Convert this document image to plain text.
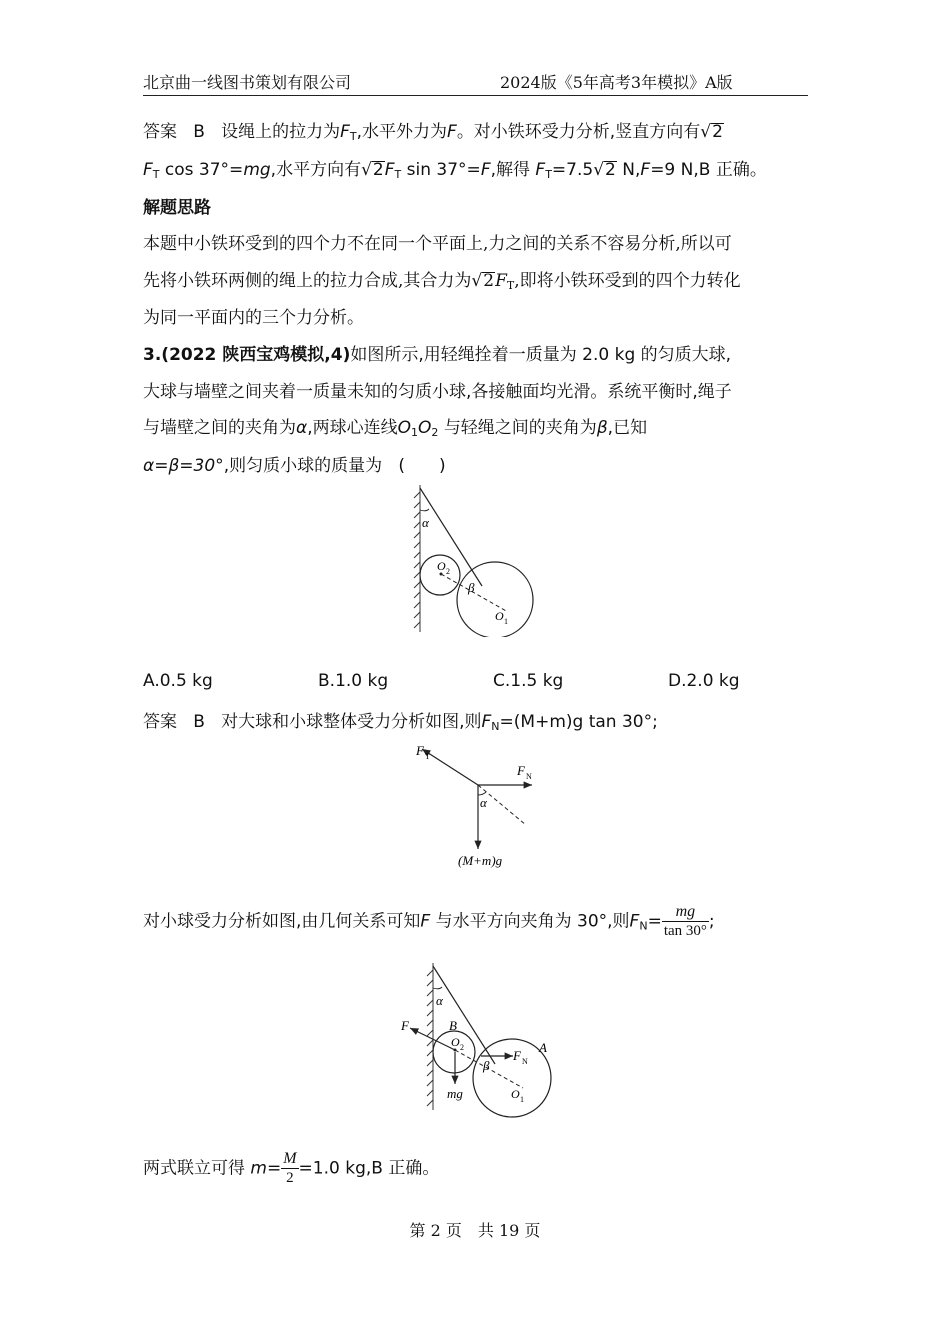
北京曲一线图书策划有限公司	2024版《5年高考3年模拟》A版
答案 B 设绳上的拉力为$F_T$,水平外力为F。对小铁环受力分析,竖直方向有√2
$F_T$ cos 37°=mg,水平方向有$√2F_T$ sin 37°=F,解得 $F_T=7.5√2$ N,F=9 N,B 正确。
解题思路
本题中小铁环受到的四个力不在同一个平面上,力之间的关系不容易分析,所以可
先将小铁环两侧的绳上的拉力合成,其合力为$√2F_T$,即将小铁环受到的四个力转化
为同一平面内的三个力分析。
3.(2022 陕西宝鸡模拟,4)如图所示,用轻绳拴着一质量为 2.0 kg 的匀质大球,
大球与墙壁之间夹着一质量未知的匀质小球,各接触面均光滑。系统平衡时,绳子
与墙壁之间的夹角为α,两球心连线$O_1O_2$ 与轻绳之间的夹角为β,已知
α=β=30°,则匀质小球的质量为 (　　)
α
β
O 2
O 1
A.0.5 kg	B.1.0 kg	C.1.5 kg	D.2.0 kg
答案 B 对大球和小球整体受力分析如图,则$F_N=(M+m)g$ tan 30°;
F T
F N
α
(M+m)g
对小球受力分析如图,由几何关系可知F 与水平方向夹角为 30°,则$F_N= \frac{mg}{\tan 30^\circ}$ ;
α
F	B
A
O 2
F N
β
mg	O 1
两式联立可得 $m= \frac{M}{2} =1.0$ kg,B 正确。
第 2 页　共 19 页
